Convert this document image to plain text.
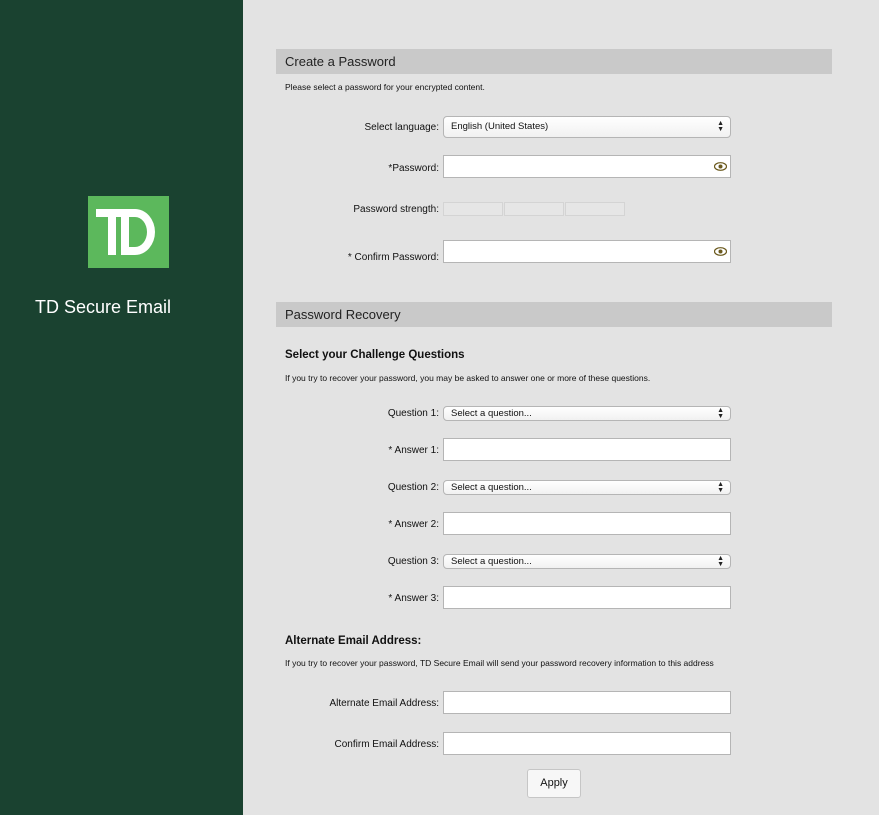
TD Secure Email
Create a Password
Please select a password for your encrypted content.
Select language:	English (United States)	▲
▼
*Password:
Password strength:
* Confirm Password:
Password Recovery
Select your Challenge Questions
If you try to recover your password, you may be asked to answer one or more of these questions.
Question 1:	Select a question...	▲
▼
* Answer 1:
Question 2:	Select a question...	▲
▼
* Answer 2:
Question 3:	Select a question...	▲
▼
* Answer 3:
Alternate Email Address:
If you try to recover your password, TD Secure Email will send your password recovery information to this address
Alternate Email Address:
Confirm Email Address:
Apply
